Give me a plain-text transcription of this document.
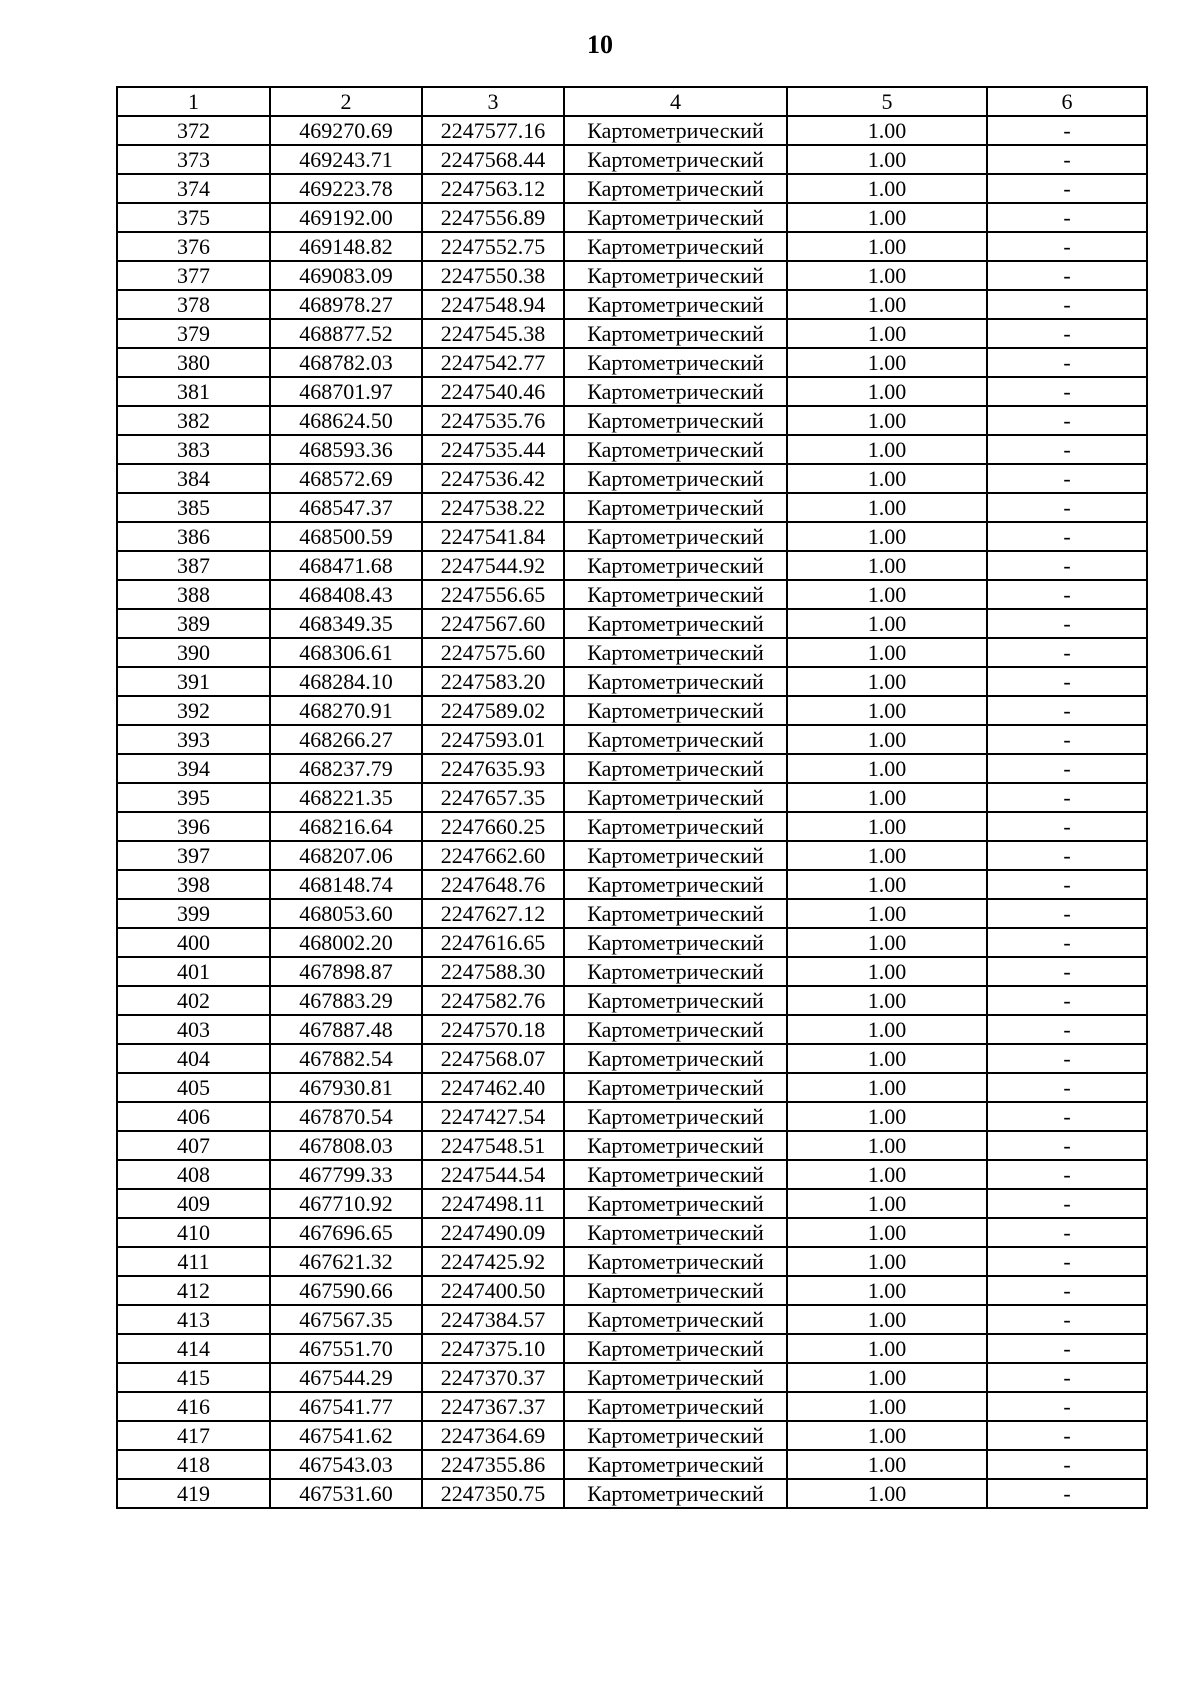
10
1	2	3	4	5	6
372	469270.69	2247577.16	Картометрический	1.00	-
373	469243.71	2247568.44	Картометрический	1.00	-
374	469223.78	2247563.12	Картометрический	1.00	-
375	469192.00	2247556.89	Картометрический	1.00	-
376	469148.82	2247552.75	Картометрический	1.00	-
377	469083.09	2247550.38	Картометрический	1.00	-
378	468978.27	2247548.94	Картометрический	1.00	-
379	468877.52	2247545.38	Картометрический	1.00	-
380	468782.03	2247542.77	Картометрический	1.00	-
381	468701.97	2247540.46	Картометрический	1.00	-
382	468624.50	2247535.76	Картометрический	1.00	-
383	468593.36	2247535.44	Картометрический	1.00	-
384	468572.69	2247536.42	Картометрический	1.00	-
385	468547.37	2247538.22	Картометрический	1.00	-
386	468500.59	2247541.84	Картометрический	1.00	-
387	468471.68	2247544.92	Картометрический	1.00	-
388	468408.43	2247556.65	Картометрический	1.00	-
389	468349.35	2247567.60	Картометрический	1.00	-
390	468306.61	2247575.60	Картометрический	1.00	-
391	468284.10	2247583.20	Картометрический	1.00	-
392	468270.91	2247589.02	Картометрический	1.00	-
393	468266.27	2247593.01	Картометрический	1.00	-
394	468237.79	2247635.93	Картометрический	1.00	-
395	468221.35	2247657.35	Картометрический	1.00	-
396	468216.64	2247660.25	Картометрический	1.00	-
397	468207.06	2247662.60	Картометрический	1.00	-
398	468148.74	2247648.76	Картометрический	1.00	-
399	468053.60	2247627.12	Картометрический	1.00	-
400	468002.20	2247616.65	Картометрический	1.00	-
401	467898.87	2247588.30	Картометрический	1.00	-
402	467883.29	2247582.76	Картометрический	1.00	-
403	467887.48	2247570.18	Картометрический	1.00	-
404	467882.54	2247568.07	Картометрический	1.00	-
405	467930.81	2247462.40	Картометрический	1.00	-
406	467870.54	2247427.54	Картометрический	1.00	-
407	467808.03	2247548.51	Картометрический	1.00	-
408	467799.33	2247544.54	Картометрический	1.00	-
409	467710.92	2247498.11	Картометрический	1.00	-
410	467696.65	2247490.09	Картометрический	1.00	-
411	467621.32	2247425.92	Картометрический	1.00	-
412	467590.66	2247400.50	Картометрический	1.00	-
413	467567.35	2247384.57	Картометрический	1.00	-
414	467551.70	2247375.10	Картометрический	1.00	-
415	467544.29	2247370.37	Картометрический	1.00	-
416	467541.77	2247367.37	Картометрический	1.00	-
417	467541.62	2247364.69	Картометрический	1.00	-
418	467543.03	2247355.86	Картометрический	1.00	-
419	467531.60	2247350.75	Картометрический	1.00	-
